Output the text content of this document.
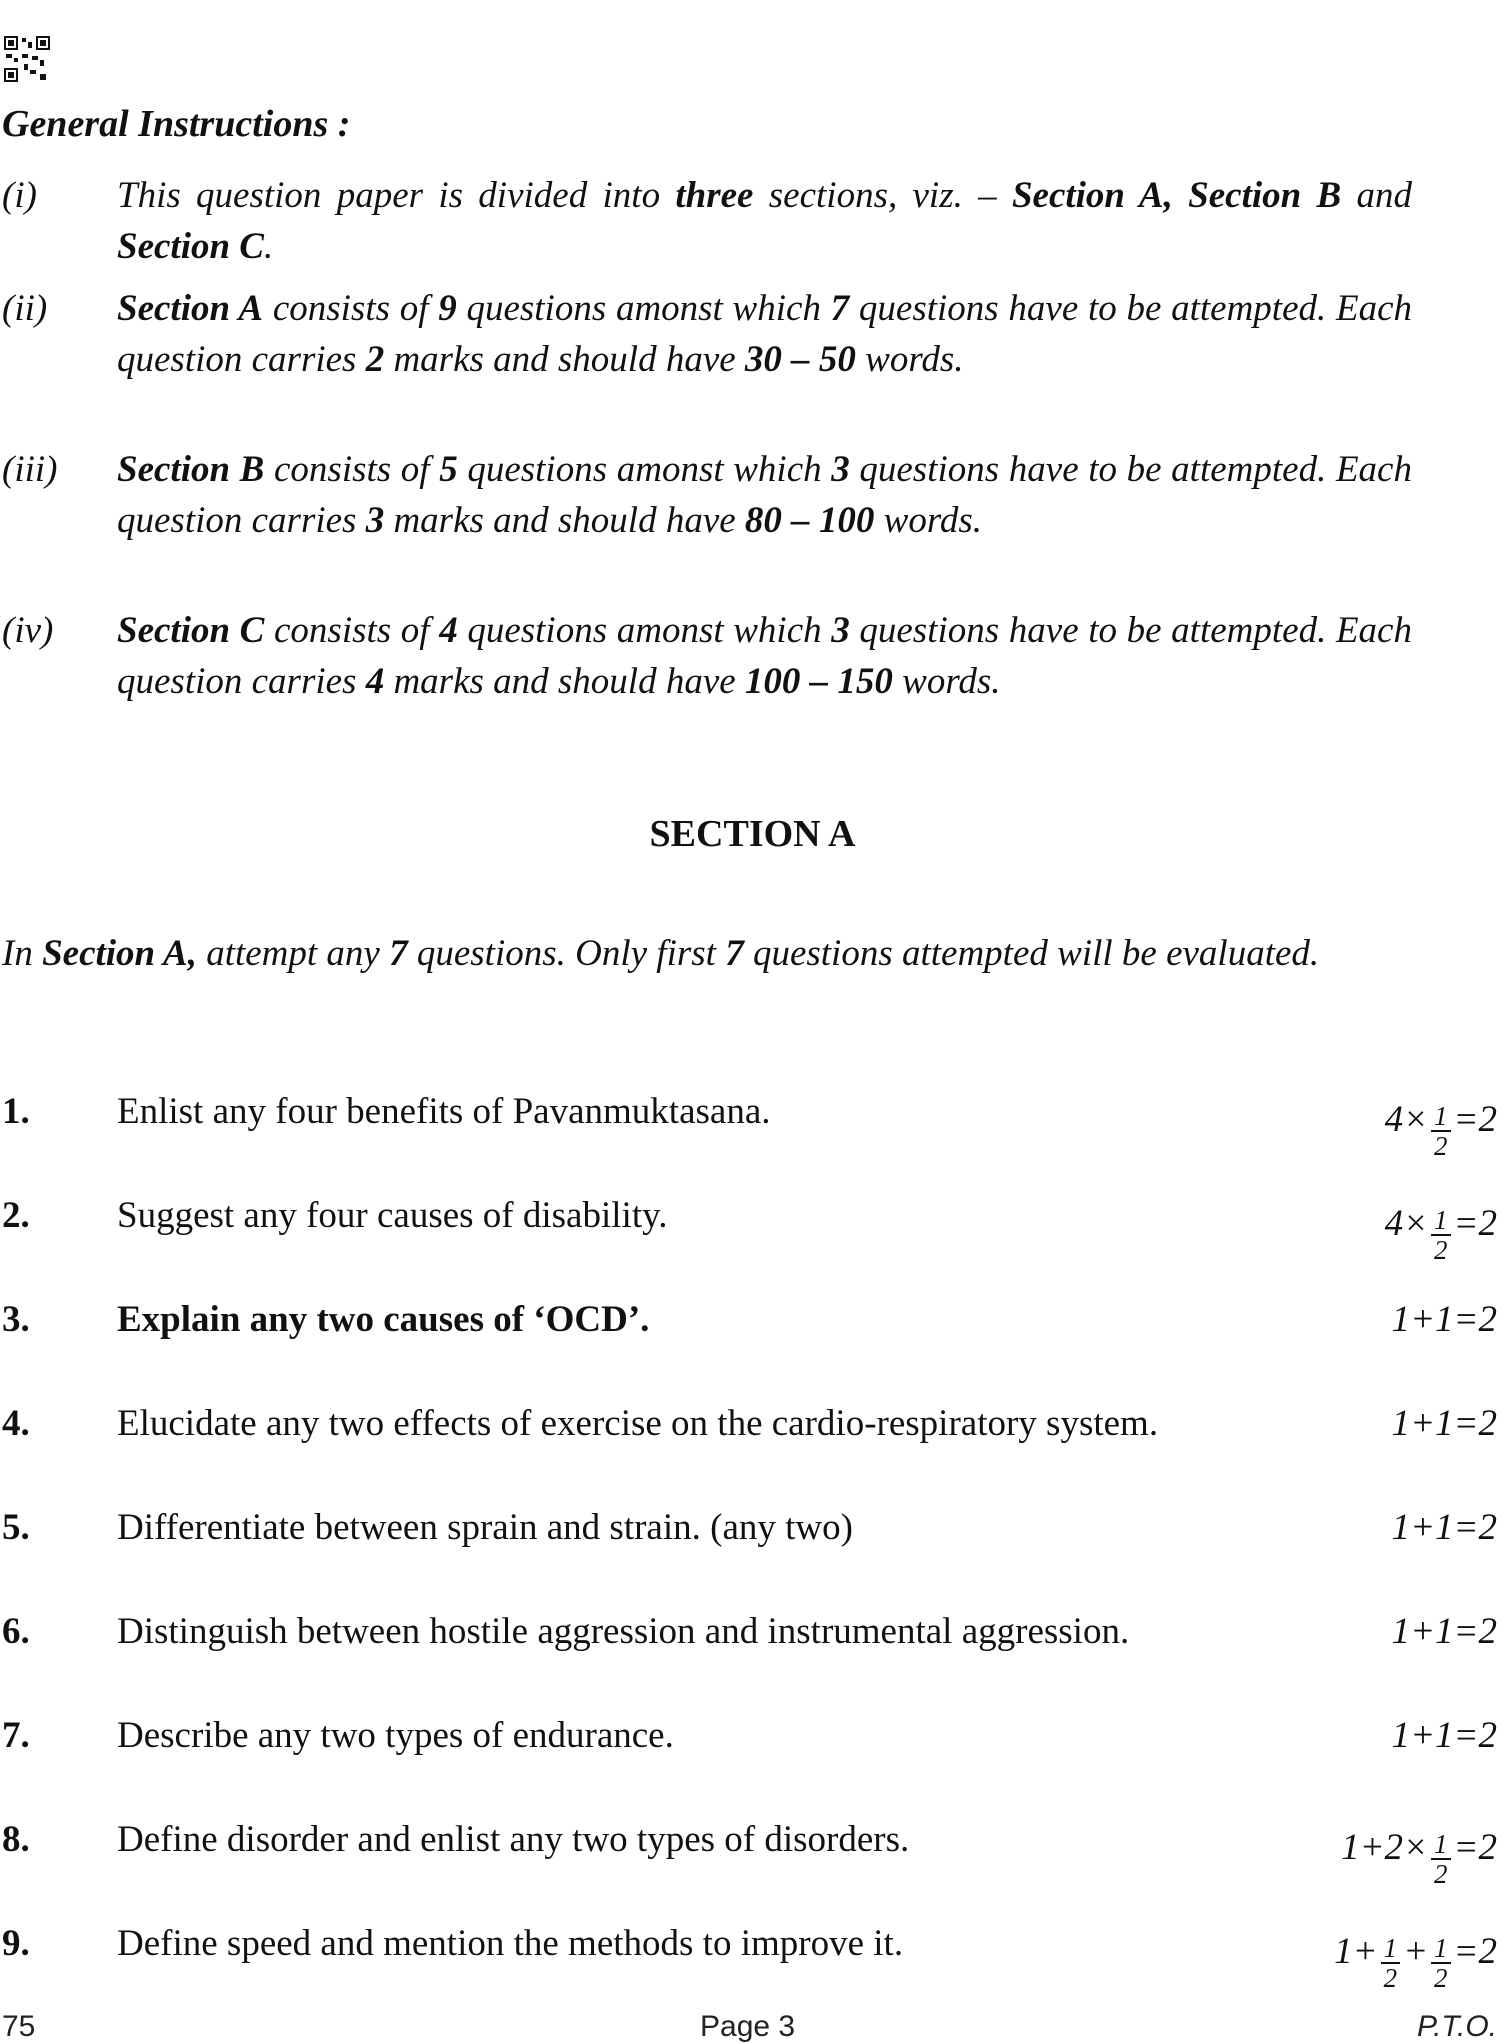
General Instructions :
(i) This question paper is divided into three sections, viz. – Section A, Section B and Section C.
(ii) Section A consists of 9 questions amonst which 7 questions have to be attempted. Each question carries 2 marks and should have 30 – 50 words.
(iii) Section B consists of 5 questions amonst which 3 questions have to be attempted. Each question carries 3 marks and should have 80 – 100 words.
(iv) Section C consists of 4 questions amonst which 3 questions have to be attempted. Each question carries 4 marks and should have 100 – 150 words.
SECTION A
In Section A, attempt any 7 questions. Only first 7 questions attempted will be evaluated.
1. Enlist any four benefits of Pavanmuktasana.	$4\times \frac{1}{2} =2$
2. Suggest any four causes of disability.	$4\times \frac{1}{2} =2$
3. Explain any two causes of ‘OCD’.	1+1=2
4. Elucidate any two effects of exercise on the cardio-respiratory system.	1+1=2
5. Differentiate between sprain and strain. (any two)	1+1=2
6. Distinguish between hostile aggression and instrumental aggression.	1+1=2
7. Describe any two types of endurance.	1+1=2
8. Define disorder and enlist any two types of disorders.	$1+2\times \frac{1}{2} =2$
9. Define speed and mention the methods to improve it.	$1+ \frac{1}{2} + \frac{1}{2} =2$
75	Page 3	P.T.O.
